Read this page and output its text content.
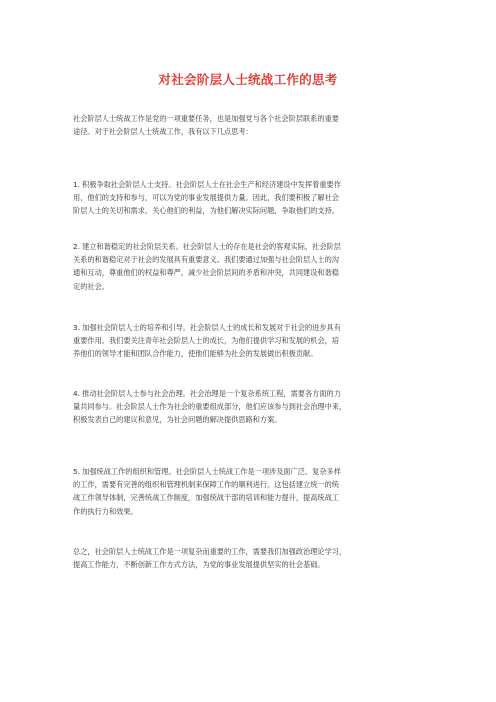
对社会阶层人士统战工作的思考

社会阶层人士统战工作是党的一项重要任务，也是加强党与各个社会阶层联系的重要
途径。对于社会阶层人士统战工作，我有以下几点思考：

1. 积极争取社会阶层人士支持。社会阶层人士在社会生产和经济建设中发挥着重要作
用，他们的支持和参与，可以为党的事业发展提供力量。因此，我们要积极了解社会
阶层人士的关切和需求，关心他们的利益，为他们解决实际问题，争取他们的支持。

2. 建立和谐稳定的社会阶层关系。社会阶层人士的存在是社会的客观实际，社会阶层
关系的和谐稳定对于社会的发展具有重要意义。我们要通过加强与社会阶层人士的沟
通和互动，尊重他们的权益和尊严，减少社会阶层间的矛盾和冲突，共同建设和谐稳
定的社会。

3. 加强社会阶层人士的培养和引导。社会阶层人士的成长和发展对于社会的进步具有
重要作用。我们要关注青年社会阶层人士的成长，为他们提供学习和发展的机会，培
养他们的领导才能和团队合作能力，使他们能够为社会的发展做出积极贡献。

4. 推动社会阶层人士参与社会治理。社会治理是一个复杂系统工程，需要各方面的力
量共同参与。社会阶层人士作为社会的重要组成部分，他们应该参与到社会治理中来，
积极发表自己的建议和意见，为社会问题的解决提供思路和方案。

5. 加强统战工作的组织和管理。社会阶层人士统战工作是一项涉及面广泛、复杂多样
的工作，需要有完善的组织和管理机制来保障工作的顺利进行。这包括建立统一的统
战工作领导体制，完善统战工作制度，加强统战干部的培训和能力提升，提高统战工
作的执行力和效果。

总之，社会阶层人士统战工作是一项复杂而重要的工作，需要我们加强政治理论学习，
提高工作能力，不断创新工作方式方法，为党的事业发展提供坚实的社会基础。
